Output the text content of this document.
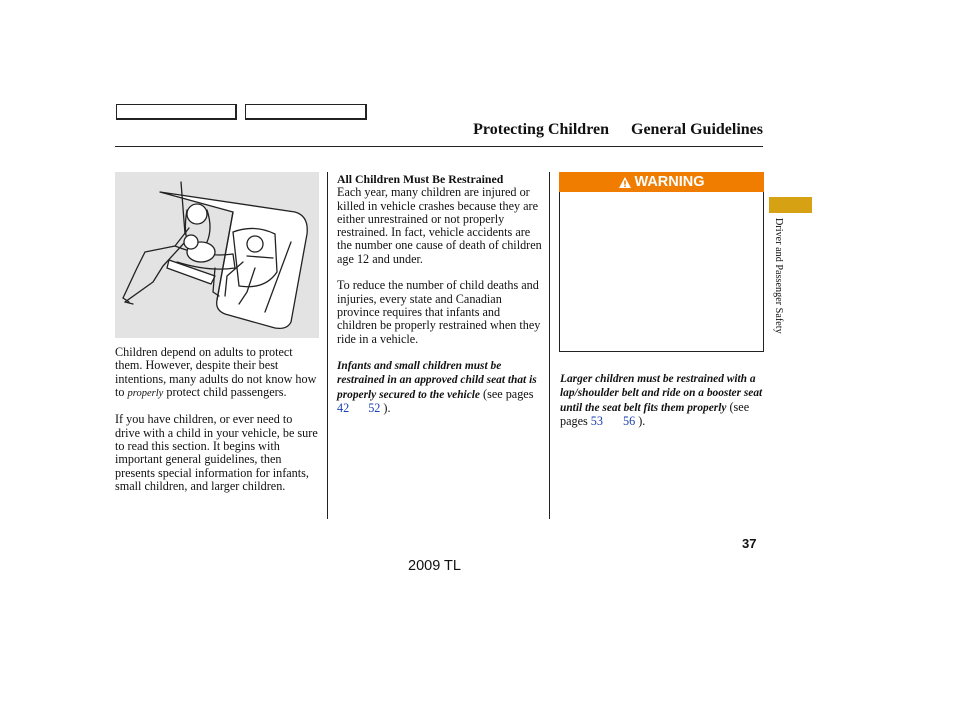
Protecting Children General Guidelines

Children depend on adults to protect them. However, despite their best intentions, many adults do not know how to properly protect child passengers.

If you have children, or ever need to drive with a child in your vehicle, be sure to read this section. It begins with important general guidelines, then presents special information for infants, small children, and larger children.

All Children Must Be Restrained
Each year, many children are injured or killed in vehicle crashes because they are either unrestrained or not properly restrained. In fact, vehicle accidents are the number one cause of death of children age 12 and under.

To reduce the number of child deaths and injuries, every state and Canadian province requires that infants and children be properly restrained when they ride in a vehicle.

Infants and small children must be restrained in an approved child seat that is properly secured to the vehicle (see pages 42 52 ).

WARNING

Larger children must be restrained with a lap/shoulder belt and ride on a booster seat until the seat belt fits them properly (see pages 53 56 ).

Driver and Passenger Safety
37
2009 TL
